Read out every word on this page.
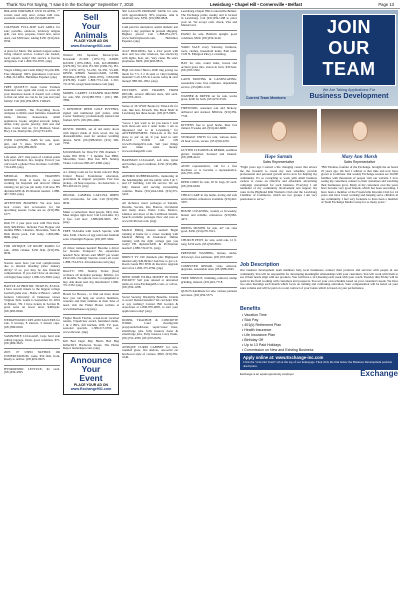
Thank You For Saying, "I saw it in the Exchange" September 7, 2016	Lewisburg • Chapel Hill • Cornersville • Belfast	Page 13
BOLAND PORTABLE DVD PLAYER, 7" screen, used only once, comes with case, excellent condition, $40. (931)489-6078.
COLEMAN FULL-SIZE GAS GRILL for sale; portable, outdoors, foldaway tailgate grill, cast iron, propane, brand new, never used, cost $300 new, asking $150. (931)224-0556.
A place for Mom. The nation's largest senior living referral service. Contact our trusted, local experts today! Our service is free/no obligation. Call 1-800-355-8705. (snp)
Viagra 100mg and Cialis 20mg! 50 pills $99. Free shipping! 100% guaranteed. Call now! 1-866-312-6061. Hablamos Espanol. (snp)
FREE QUOTE!!! Jason Carter Farmers Insurance new agent and ready to serve all your insurance needs. It doesn't cost a thing to find out what we can do for you and your family! Call (931)359-9876. TODAY.
GOOD GOODS, The Everything Store. Antiques to thrifts; used furniture, household items, fixtures, housewares, small appliances, books, original artwork; lamps; tables, baby goods; jewelry; dish sets and more. Come visit us. 511 Madison Street. Hwy 41A, Shelbyville. (931)733-4335.
USED CANNING JARS for sale, quart, pint, and ½ sizes, $3.50/dz. all well organized. (931)389-0020.
Life Alert, 24/7. One press of a button sends help fast! Medical, fire, burglar. Even if you can't reach a phone! Free brochure. Call 800-716-2438. (snp)
MEDICAL BILLING TRAINEES NEEDED! Train at home for a career working for hospitals and doctors! Online training can get you job ready. Call now. HS diploma/GED & PC/Internet needed. 1-888-407-7063. (snp)
ATTENTION BOATERS: We now have boat covers and accessories for the upcoming season. Come see us. (931)389-1077.
Dish TV 2 year price lock with Flex Pack. Only $49.99/mo. Includes Free Hopper and months HBO, Cinemax, Showtime, Starz & Dish Movie pack. Call today. 1-800-686-9986. (snp)
FOR ANTIQUE UP RIGHT RADIO for sale, 1930s cabinet. $150 firm. (931)359-0036.
Xarelto users have you had complications due to internal bleeding (after January 2012)? If so, you may be due financial compensation. If you don't have an attorney, call Injuryfone today! 1-800-315-3829. (snp)
BATTLE AT BRISTOL TICKETS, 8/10/16. I have several tickets to the biggest college football game ever - Battle at Bristol - which features University of Tennessee verses Virginia Tech. Game is September 10, 2016 in Bristol, TN. I have tickets in Section B, great seats on lower level. $400/pair. (931)993-8040.
WEDGEWOOD CUPS AND SAUCERS for sale, 9 teacups, 8 saucers, 3 dessert cups. (931)389-0020.
SAMSONITE LUGGAGE, large hard side rolling luggage, black, good condition, $75. (931)489-3623.
2007, 07 USED SKYBOX OR UNDERSTADIUM. come, $50 firm, from. Ready to deliver. (931)619-9023.
HYDROPONIC LETTUCE, $2 each. (931)636-4395.
Sell
Your
Animals
PLACE YOUR AD ON
www.Exchange931.com
Wanted Old Japanese Motorcycles. Kawasaki Z1-900 (1972-75), KZ900, KZ1000 (1976-1982), Z1R, KZ1000MK2 (1979-80), W1-650, H1-500 (1969-72), H2-750 (1972-1975), S1-250, S2-350, S3-400, KH250, KH400, Suzuki-GS400, GT380, HONDA-CB750K (1969-1976), CBX1000 (1979-80). Cash!! 1-800-772-1142. 1-310-721-0726. usa@classicrunners.com (snp)
MODEL CARPET CLEANER MACHINE for sale, $50. (931)388-7833 / (931) 388-7866.
3 KENNEDY REED GOLF PUTTERS, signed and numbered golf putter, Allie Cooter Turnberry; professionally stained and framed, $375. (931)381-4961.
RUSTIC DOORS, set of old rustic doors with impact made of barn wood, the top disassemblable, used for outdoor wedding photos, $250. (931)388-9910, (931) 309-7550.
$19.99/Month for DirecTV. HD channels + Genie HD DVR + 3 months free HBO, Showtime, Starz. Plus free NFL Sunday Ticket. Call now 800-457-4398. (snp)
A.1 dining room set for brand concert! Help United Breast Foundation education, prevention & support programs. Fast free pickup - 24 hour response - tax deduction. 1-855-403-0213. (snp)
DIGITAL CAMERA CAP-LEIA 4800W with accessories, for sale. Call (931)359-0036.
Make a connection. Real people, flirty chat. Meet singles right now! Call LiveLinks. Try it free. Call now: 1-888-909-9905. 18+. (snp)
FREE VIAGRA with Lunch Special, with lube, $140. Choice of egg salad and fountain soda. Overnight Express. (931)287-5062.
22 driver trainees needed! Become a driver for Stevens Transport! No experience needed! New drivers earn $800+ per week! Paid CDL training! Stevens covers all costs! 1-888-734-6714. drive4stevens.com (snp)
DirecTV: NFL Sunday Ticket (free) w/choice all included package. $60/mo. for 24 months. No upfront costs or equipment to buy. Ask about next day installation! 1-800-371-5352. (snp)
Hotels for Heroes - to find out more about how you can help our service members, veterans and their families in their time of need, visit the Fisher House website at www.fisherhouse.org (snp)
Flagler Beach Florida, ocean-front vacation rentals, Tripadvisor award, furnished studio, 1 & 2 BR's, full kitchen, Wifi, TV, pool, seasonal specials. 1-386-517-6700, or, www.dbcr.net. (snp)
Kill Bed bugs! Buy Harris Bed Bug Killer/KIT. Hardware Stores, The Home Depot. homedepot.com. (snp)
Announce
Your
Event
PLACE YOUR AD ON
www.Exchange931.com
500 GALLON PROPANE TANK for sale, with approximately 30% propane, tank is relatively new. $350. (931)580-9828.
Cash paid for unexpired, sealed diabetic test strips! 1 day payment & prepaid shipping. Highest prices! Call 1-888-831-2371, www.TestStripSearch.com. Hablamos Espanol. (snp)
4'x12' BUILDING, has a 4'x4' porch with door and two side windows, has electricity with lights, heat, AC. Very clean. Be one's playhouse, $900. (931)993-8815.
High cab drive! Haul a 2000 ring paving too much for 7.5, 5 2 th steel or vinyl building material? Call LNS in Loretto today & save money! 888-391-1852. (snp)
PICTURES AND FRAMES FROM DECOR, several different sizes, $10 each. (931)703-2613.
Series of 26 WWII Books by Time-Life for sale, like new, $5/each. The Book Shelf in Lewisburg has these books. (931)273-8005.
"Grow, I just want to let you know I sold both moto-ads and 2 outer items. I am so impressed and so in Lewisburg," for ADVERTISEMENT. Time-Life is the best place to put an ad, if you need to sell! PLACE YOUR AD ON www.Exchange931.com. Sell your things and make some money. www.exchange931.com
HARTMAN LUGGAGE, soft side, nylon and leather, good condition, $150. (931)489-3623.
ADFORD RUBBERGGING, mentoring in the handlingship and the public with 3 & 7, and 13' building, Call the service. We are fully insured and serving surrounding counties. Home. (931)244-1664. (931)375-5410.
All inclusive resort packages at Sandals, Dreams, Secrets, Rio, Bancas, Occidental and many more. Punta Cana, Mexico, Jamaica and more of the Caribbean Islands. Search available packages Now and save at www.NCPtravel.com. (snp)
Medical Billing trainees needed! Begin training at home for a career working with Medical Billing & Insurance! Online training with the right college gets you ready! HS diploma/GED & PC/Internet needed! 1-888-734-6711. (snp)
DIRECT TV 190 channels plus Highspeed internet only $49.99/mo! Ask how to get a 4-Room Genie HD DVR & Receiver upgrade and a free 1-800-375-0784. (snp)
NEED SOME EXTRA MONEY IN YOUR POCKET? Sell your unused or unwanted items on www.Exchange931.com, or call us, (931)359-1188.
Social Security Disability Benefits. Unable to work? Denied benefits? We can help! Win or pay nothing! Contact Bill Gordon & Associates at 1-800-870-4805, to start your application today! (snp)
DOZER, TRACHOE & CONCRETE WORK. Land clearing/site prep/ponds/bulldozer, septic/water lines, small/large jobs, fully insured, dozer & small/large jobs, Fully insured, Larry Pruitt, (931)752-4780. (931)703-8236.
ANTIQUE CURIO CABINET for sale, rounded glass, five shelves, one-solid cut hardwood style of corners, $850. (931)359-4140.
Lewisburg-Chapel Hill-Cornersville-Belfast. The Exchange prints weekly and is located in Lewisburg. Call (931)359-1188 to place your ad. We accept cash, check, Visa and MasterCard.
PIANO for sale, Baldwin upright, good condition, $500. (931)359-4140.
YARD SALE every Saturday, furniture, tools, clothes, household items, 8am until. 1520 N. Ellington Pkwy, Lewisburg.
HAY for sale, round bales, fescue and orchard grass mix, stored in barn, $35/bale. (931)703-5502.
LAWN MOWING & LANDSCAPING, reasonable rates, free estimates, dependable service. (931)982-1120.
WASHER & DRYER set for sale, works great, $200 for both. (931)270-3318.
FIREWOOD, seasoned oak and hickory, delivered and stacked, $80/rick. (931)359-7726.
KITTENS free to good home, litter box trained, 8 weeks old. (931)422-6690.
STORAGE UNITS for rent, various sizes, 24 hour access, secure. (931)359-2250.
GUTTER CLEANING & REPAIR, seamless gutters installed, licensed and insured. (931)388-4412.
AVON representative, call for a free brochure or to become a representative. (931)703-1184.
DEER CORN for sale, 50 lb. bags, $7 each. (931)359-6639.
CHILD CARE in my home, loving and safe environment, references available. (931)422-3307.
HOUSE CLEANING, weekly or bi-weekly, honest and reliable, references. (931)982-4471.
RIDING MOWER for sale, 42" cut, runs good, $450. (931)270-5521.
CHURCH PEWS for sale, solid oak, 12 ft. long, $150 each. (931)359-8810.
PRESSURE WASHING, houses, decks, driveways, free estimates. (931)703-9927.
COMPUTER REPAIR, virus removal, upgrades, reasonable rates. (931)388-2045.
TREE SERVICE, trimming, removal, stump grinding, insured. (931)422-7718.
QUILTS handmade for sale, various patterns and sizes. (931)359-5573.
JOIN
OUR
TEAM
Current Team Members
We Are Taking Applications For
Business Development
Hope Sartain
Sales Representative
"Eight years ago I started a life changing career that allows me the freedom to create my own schedule, provide professional and personal growth and is now for helping my community. It's so rewarding to work with small business owners to create an effective and affordable advertising campaign customized for each business. Everyday I am reminded of my community involvement and support my roles in the Highland Rim Women's Club and the Lewisburg Chamber of Commerce, which are two groups I am very passionate to serve."
Mary Ann Marsh
Sales Representative
"Bill Thomas, founder of the Exchange, brought me on board 25 years ago. We had 1 edition at that time and now have grown to 6 editions. Our weekly Exchange readers are 50,000 families with thousands of people visit our website. I love seeing my customers connect to their customers and watching their businesses grow. Many of my customers over the years have become very good friends, which has been rewarding. I have been a member of the Fayetteville Kiwanis Club for 24 years and have loved working and helping serve children in our community. I feel very fortunate to have been a member of Team Exchange Media Group for so many years."
Job Description

Our business development team members help local businesses connect their products and services with people in our community. You will be responsible for developing meaningful relationships with your customers. You will work with them to see if their needs align with our products. You will have a 121 meeting each week with your coach. Tuesday thru Friday will be spent in the field working with customers and prospects. You set your own schedule based on your customer's needs. We have two sales meetings each month which focus on training and continuing education. Your compensation will be based on your sales volume and will be paid on a total contract of your bonus which is based on your performance.

Benefits
• Vacation Time
• Sick Pay
• 401(k) Retirement Plan
• Health Insurance
• Life Insurance Plan
• Birthday Off
• Up to 13 Paid Holidays
• Commission on New and Existing Business
Apply online at: www.Exchange-inc.com
Click the "Join Our Team" tab at the top of our homepage. Then click the link below the Business Development position description.
Exchange is an equal opportunity employer.	Exchange
